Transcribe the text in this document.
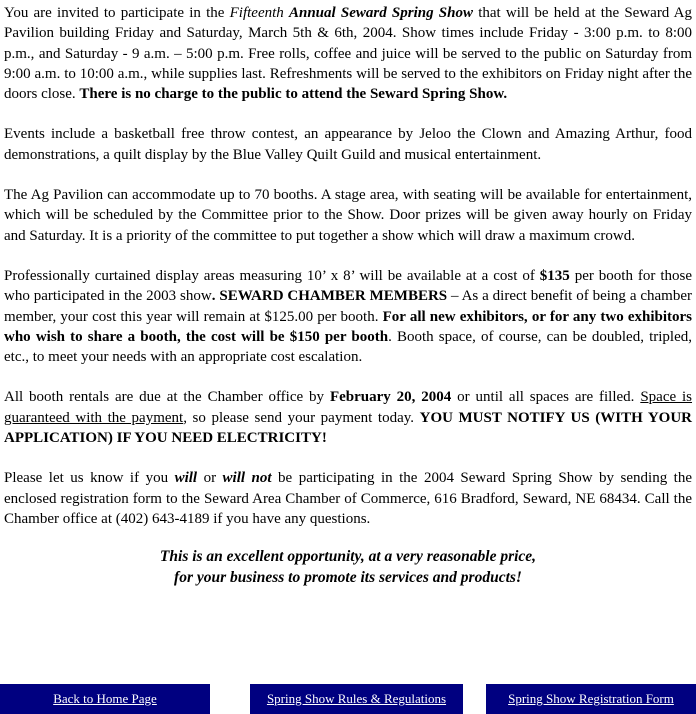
You are invited to participate in the Fifteenth Annual Seward Spring Show that will be held at the Seward Ag Pavilion building Friday and Saturday, March 5th & 6th, 2004. Show times include Friday - 3:00 p.m. to 8:00 p.m., and Saturday - 9 a.m. – 5:00 p.m. Free rolls, coffee and juice will be served to the public on Saturday from 9:00 a.m. to 10:00 a.m., while supplies last. Refreshments will be served to the exhibitors on Friday night after the doors close. There is no charge to the public to attend the Seward Spring Show.

Events include a basketball free throw contest, an appearance by Jeloo the Clown and Amazing Arthur, food demonstrations, a quilt display by the Blue Valley Quilt Guild and musical entertainment.

The Ag Pavilion can accommodate up to 70 booths. A stage area, with seating will be available for entertainment, which will be scheduled by the Committee prior to the Show. Door prizes will be given away hourly on Friday and Saturday. It is a priority of the committee to put together a show which will draw a maximum crowd.

Professionally curtained display areas measuring 10’ x 8’ will be available at a cost of $135 per booth for those who participated in the 2003 show. SEWARD CHAMBER MEMBERS – As a direct benefit of being a chamber member, your cost this year will remain at $125.00 per booth. For all new exhibitors, or for any two exhibitors who wish to share a booth, the cost will be $150 per booth. Booth space, of course, can be doubled, tripled, etc., to meet your needs with an appropriate cost escalation.

All booth rentals are due at the Chamber office by February 20, 2004 or until all spaces are filled. Space is guaranteed with the payment, so please send your payment today. YOU MUST NOTIFY US (WITH YOUR APPLICATION) IF YOU NEED ELECTRICITY!

Please let us know if you will or will not be participating in the 2004 Seward Spring Show by sending the enclosed registration form to the Seward Area Chamber of Commerce, 616 Bradford, Seward, NE 68434. Call the Chamber office at (402) 643-4189 if you have any questions.

This is an excellent opportunity, at a very reasonable price,
for your business to promote its services and products!
Back to Home Page	Spring Show Rules & Regulations	Spring Show Registration Form
